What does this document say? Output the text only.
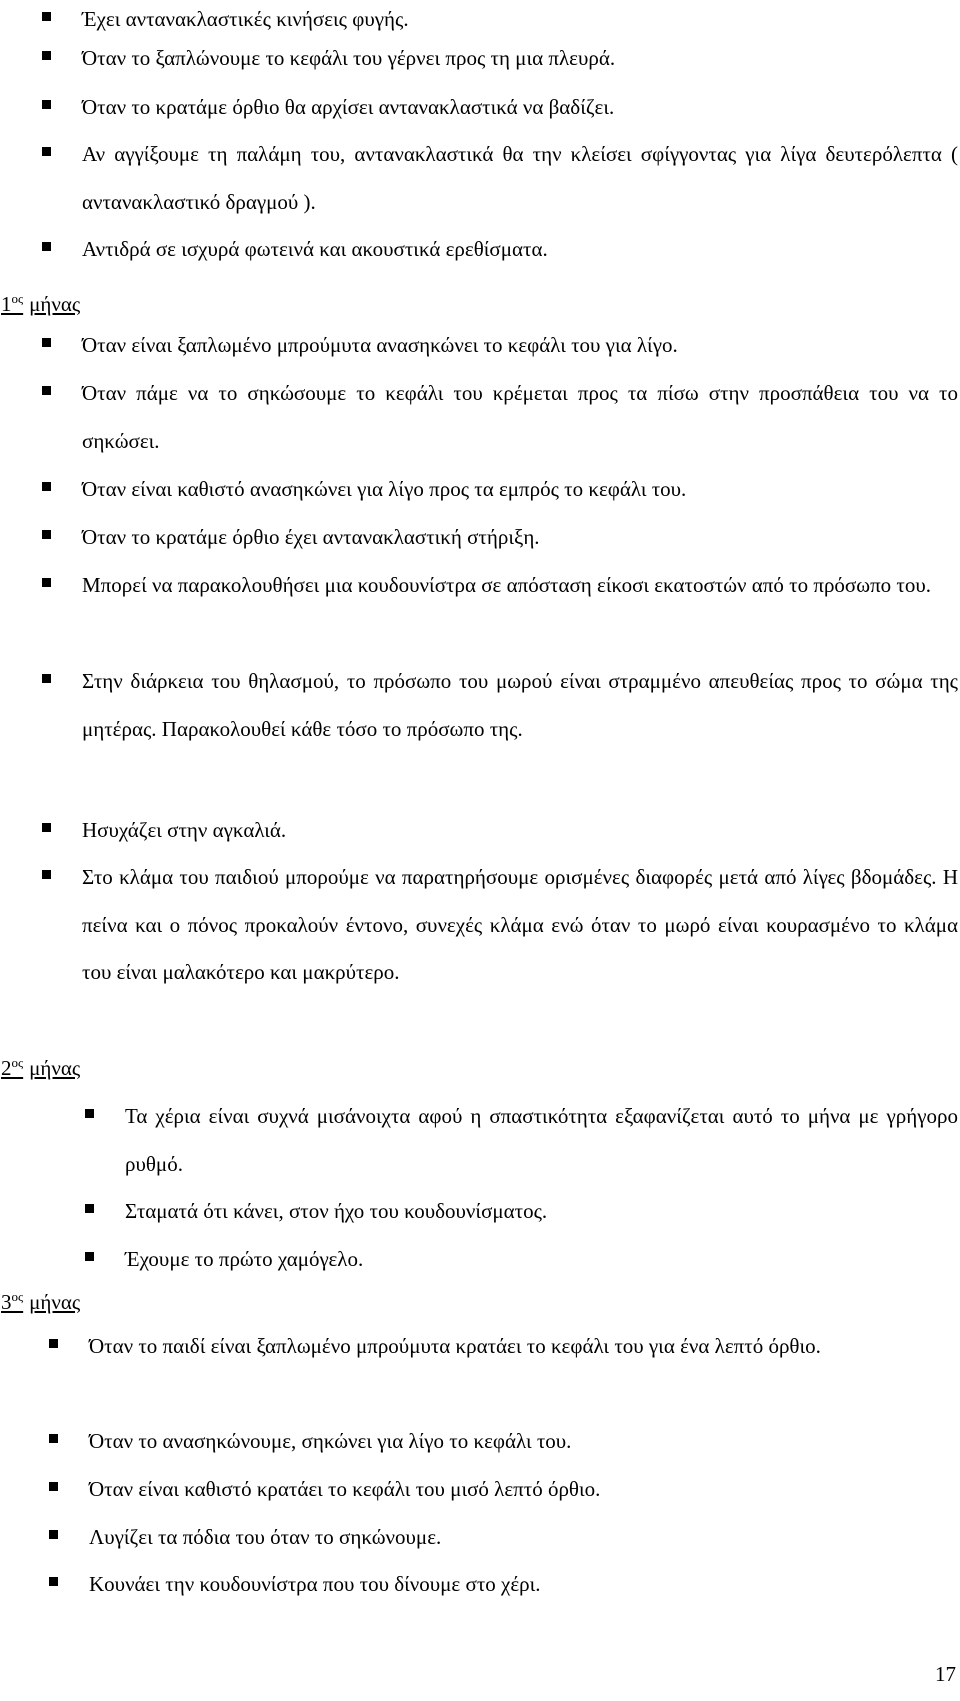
Έχει αντανακλαστικές κινήσεις φυγής.
Όταν το ξαπλώνουμε το κεφάλι του γέρνει προς τη μια πλευρά.
Όταν το κρατάμε όρθιο θα αρχίσει αντανακλαστικά να βαδίζει.
Αν αγγίξουμε τη παλάμη του, αντανακλαστικά θα την κλείσει σφίγγοντας για λίγα δευτερόλεπτα ( αντανακλαστικό δραγμού ).
Αντιδρά σε ισχυρά φωτεινά και ακουστικά ερεθίσματα.
$1^{o\varsigma}$ μήνας
Όταν είναι ξαπλωμένο μπρούμυτα ανασηκώνει το κεφάλι του για λίγο.
Όταν πάμε να το σηκώσουμε το κεφάλι του κρέμεται προς τα πίσω στην προσπάθεια του να το σηκώσει.
Όταν είναι καθιστό ανασηκώνει για λίγο προς τα εμπρός το κεφάλι του.
Όταν το κρατάμε όρθιο έχει αντανακλαστική στήριξη.
Μπορεί να παρακολουθήσει μια κουδουνίστρα σε απόσταση είκοσι εκατοστών από το πρόσωπο του.
Στην διάρκεια του θηλασμού, το πρόσωπο του μωρού είναι στραμμένο απευθείας προς το σώμα της μητέρας. Παρακολουθεί κάθε τόσο το πρόσωπο της.
Ησυχάζει στην αγκαλιά.
Στο κλάμα του παιδιού μπορούμε να παρατηρήσουμε ορισμένες διαφορές μετά από λίγες βδομάδες. Η πείνα και ο πόνος προκαλούν έντονο, συνεχές κλάμα ενώ όταν το μωρό είναι κουρασμένο το κλάμα του είναι μαλακότερο και μακρύτερο.
$2^{o\varsigma}$ μήνας
Τα χέρια είναι συχνά μισάνοιχτα αφού η σπαστικότητα εξαφανίζεται αυτό το μήνα με γρήγορο ρυθμό.
Σταματά ότι κάνει, στον ήχο του κουδουνίσματος.
Έχουμε το πρώτο χαμόγελο.
$3^{o\varsigma}$ μήνας
Όταν το παιδί είναι ξαπλωμένο μπρούμυτα κρατάει το κεφάλι του για ένα λεπτό όρθιο.
Όταν το ανασηκώνουμε, σηκώνει για λίγο το κεφάλι του.
Όταν είναι καθιστό κρατάει το κεφάλι του μισό λεπτό όρθιο.
Λυγίζει τα πόδια του όταν το σηκώνουμε.
Κουνάει την κουδουνίστρα που του δίνουμε στο χέρι.
17
